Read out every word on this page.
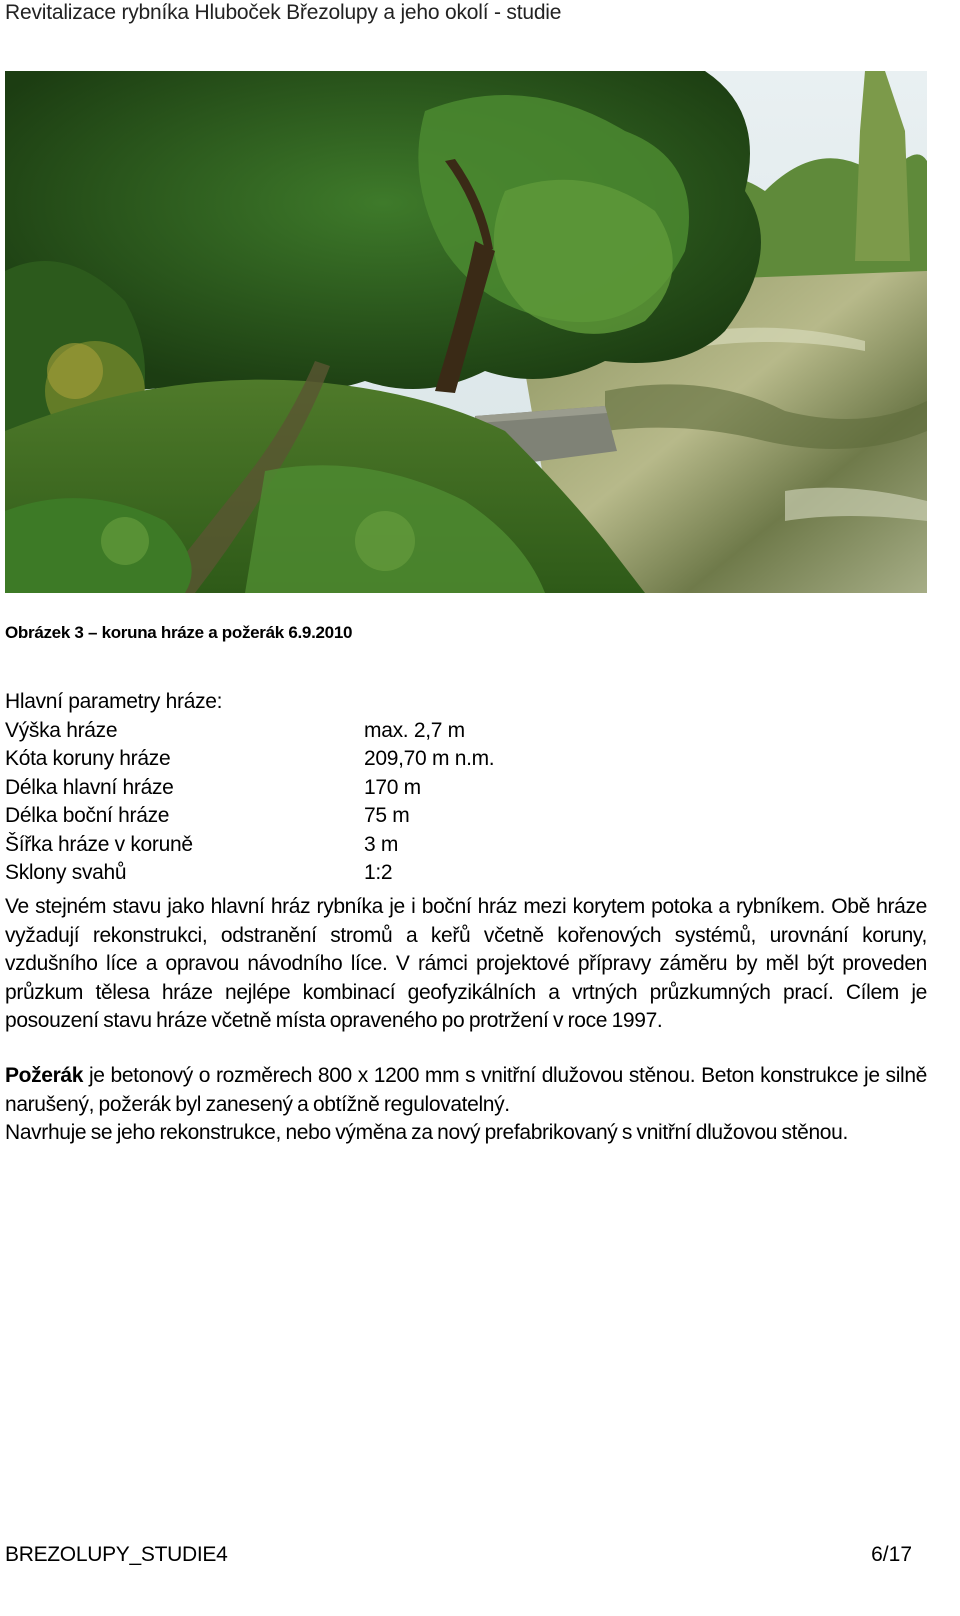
Revitalizace rybníka Hluboček Březolupy a jeho okolí - studie
Obrázek 3 – koruna hráze a požerák 6.9.2010
Hlavní parametry hráze:
Výška hráze	max. 2,7 m
Kóta koruny hráze	209,70 m n.m.
Délka hlavní hráze	170 m
Délka boční hráze	75 m
Šířka hráze v koruně	3 m
Sklony svahů	1:2

Ve stejném stavu jako hlavní hráz rybníka je i boční hráz mezi korytem potoka a rybníkem. Obě hráze vyžadují rekonstrukci, odstranění stromů a keřů včetně kořenových systémů, urovnání koruny, vzdušního líce a opravou návodního líce. V rámci projektové přípravy záměru by měl být proveden průzkum tělesa hráze nejlépe kombinací geofyzikálních a vrtných průzkumných prací. Cílem je posouzení stavu hráze včetně místa opraveného po protržení v roce 1997.

Požerák je betonový o rozměrech 800 x 1200 mm s vnitřní dlužovou stěnou. Beton konstrukce je silně narušený, požerák byl zanesený a obtížně regulovatelný.
Navrhuje se jeho rekonstrukce, nebo výměna za nový prefabrikovaný s vnitřní dlužovou stěnou.
BREZOLUPY_STUDIE4	6/17
